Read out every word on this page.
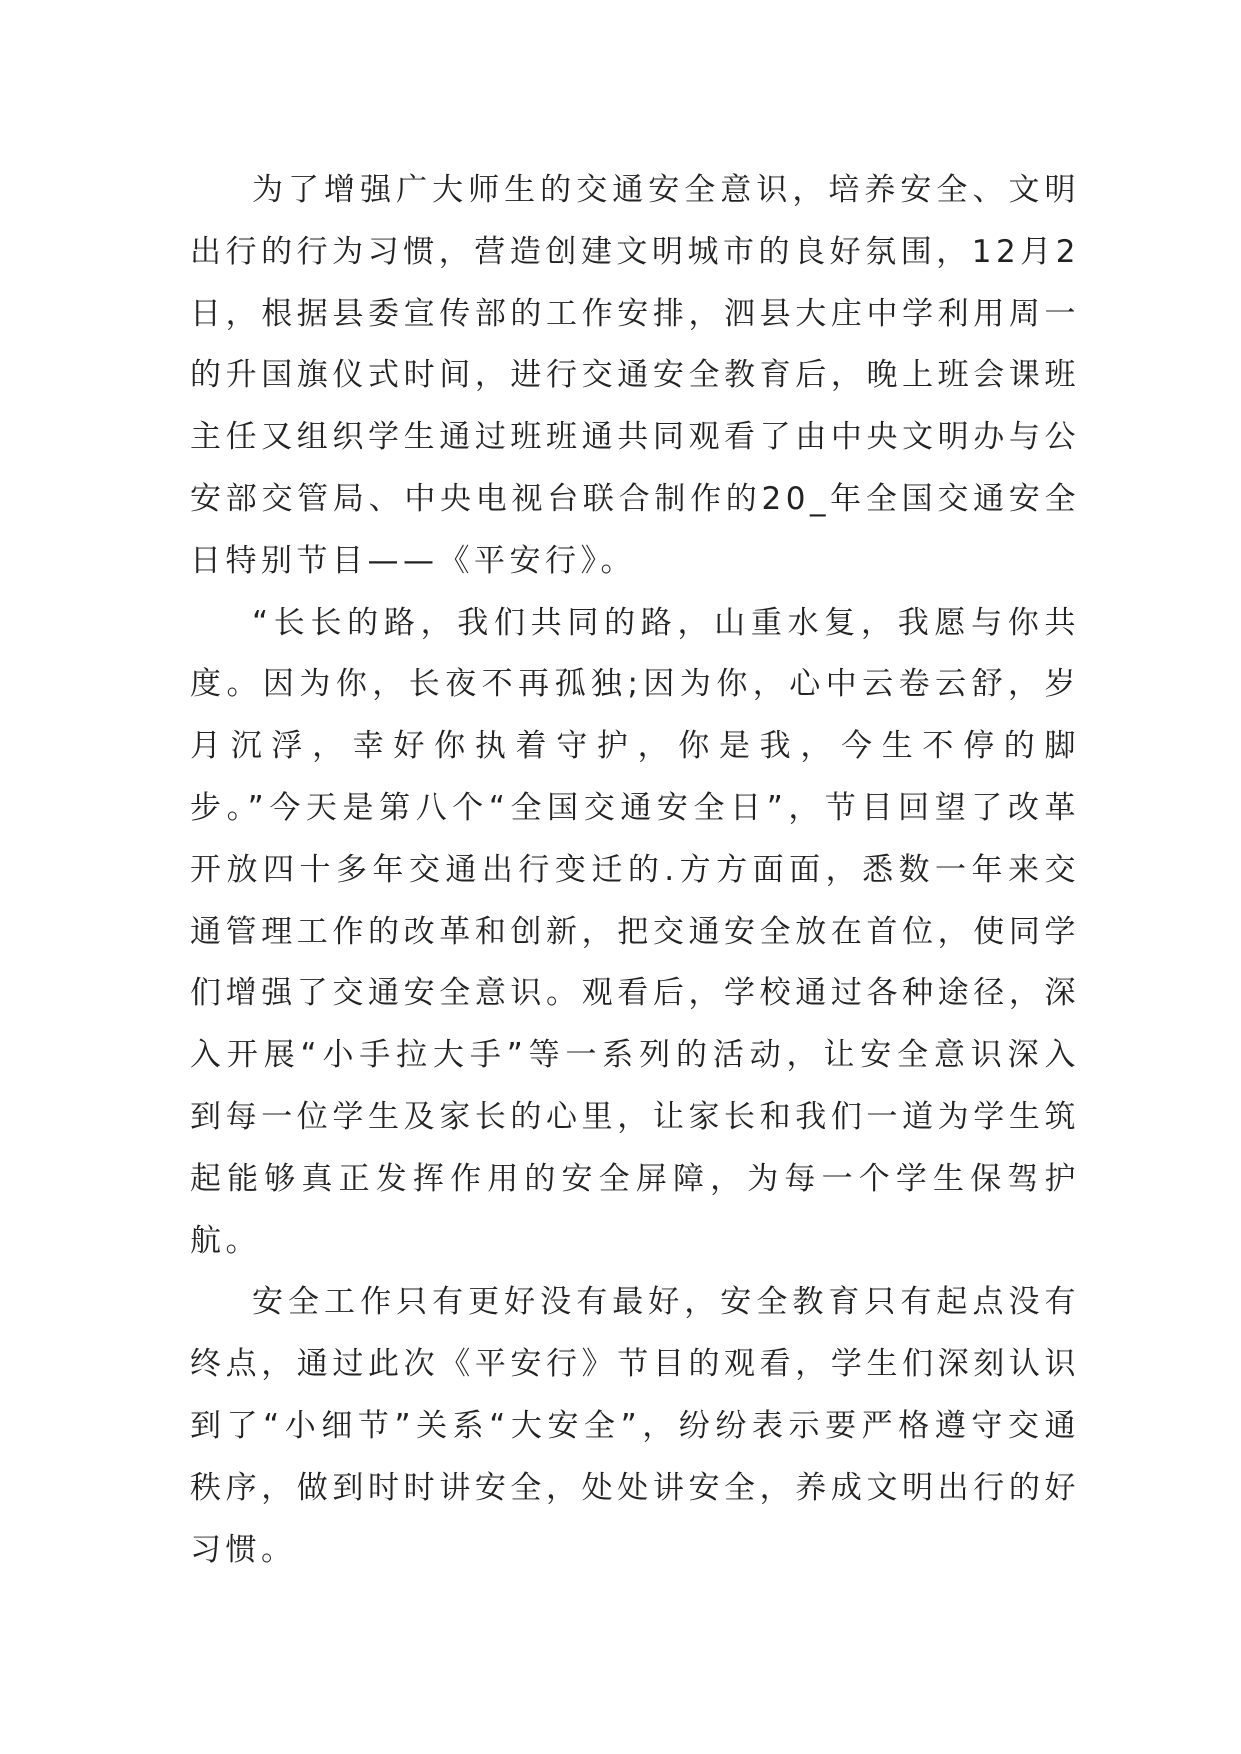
为了增强广大师生的交通安全意识，培养安全、文明出行的行为习惯，营造创建文明城市的良好氛围，12月2日，根据县委宣传部的工作安排，泗县大庄中学利用周一的升国旗仪式时间，进行交通安全教育后，晚上班会课班主任又组织学生通过班班通共同观看了由中央文明办与公安部交管局、中央电视台联合制作的20_年全国交通安全日特别节目——《平安行》。

“长长的路，我们共同的路，山重水复，我愿与你共度。因为你，长夜不再孤独;因为你，心中云卷云舒，岁月沉浮，幸好你执着守护，你是我，今生不停的脚步。”今天是第八个“全国交通安全日”，节目回望了改革开放四十多年交通出行变迁的.方方面面，悉数一年来交通管理工作的改革和创新，把交通安全放在首位，使同学们增强了交通安全意识。观看后，学校通过各种途径，深入开展“小手拉大手”等一系列的活动，让安全意识深入到每一位学生及家长的心里，让家长和我们一道为学生筑起能够真正发挥作用的安全屏障，为每一个学生保驾护航。

安全工作只有更好没有最好，安全教育只有起点没有终点，通过此次《平安行》节目的观看，学生们深刻认识到了“小细节”关系“大安全”，纷纷表示要严格遵守交通秩序，做到时时讲安全，处处讲安全，养成文明出行的好习惯。
